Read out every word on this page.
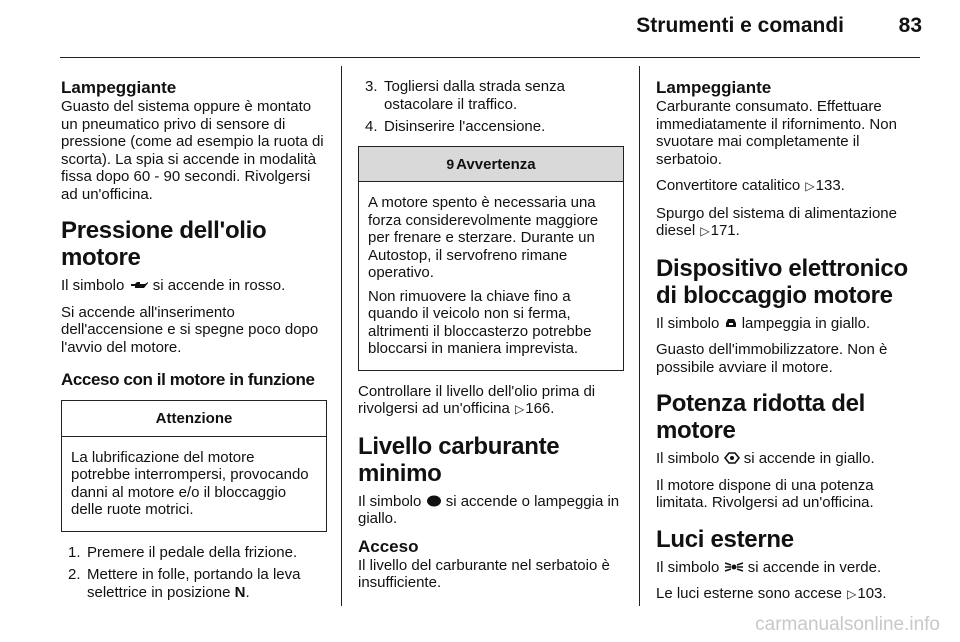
Strumenti e comandi	83
Lampeggiante

Guasto del sistema oppure è montato un pneumatico privo di sensore di pressione (come ad esempio la ruota di scorta). La spia si accende in modalità fissa dopo 60 - 90 secondi. Rivolgersi ad un'officina.

Pressione dell'olio motore

Il simbolo si accende in rosso.

Si accende all'inserimento dell'accensione e si spegne poco dopo l'avvio del motore.

Acceso con il motore in funzione
Attenzione

La lubrificazione del motore potrebbe interrompersi, provocando danni al motore e/o il bloccaggio delle ruote motrici.

1. Premere il pedale della frizione.
2. Mettere in folle, portando la leva selettrice in posizione N.
3. Togliersi dalla strada senza ostacolare il traffico.
4. Disinserire l'accensione.
9 Avvertenza

A motore spento è necessaria una forza considerevolmente maggiore per frenare e sterzare. Durante un Autostop, il servofreno rimane operativo.

Non rimuovere la chiave fino a quando il veicolo non si ferma, altrimenti il bloccasterzo potrebbe bloccarsi in maniera imprevista.

Controllare il livello dell'olio prima di rivolgersi ad un'officina ▷166.

Livello carburante minimo

Il simbolo si accende o lampeggia in giallo.

Acceso

Il livello del carburante nel serbatoio è insufficiente.

Lampeggiante

Carburante consumato. Effettuare immediatamente il rifornimento. Non svuotare mai completamente il serbatoio.

Convertitore catalitico ▷133.

Spurgo del sistema di alimentazione diesel ▷171.

Dispositivo elettronico di bloccaggio motore

Il simbolo lampeggia in giallo.

Guasto dell'immobilizzatore. Non è possibile avviare il motore.

Potenza ridotta del motore

Il simbolo si accende in giallo.

Il motore dispone di una potenza limitata. Rivolgersi ad un'officina.

Luci esterne

Il simbolo si accende in verde.

Le luci esterne sono accese ▷103.

carmanualsonline.info
